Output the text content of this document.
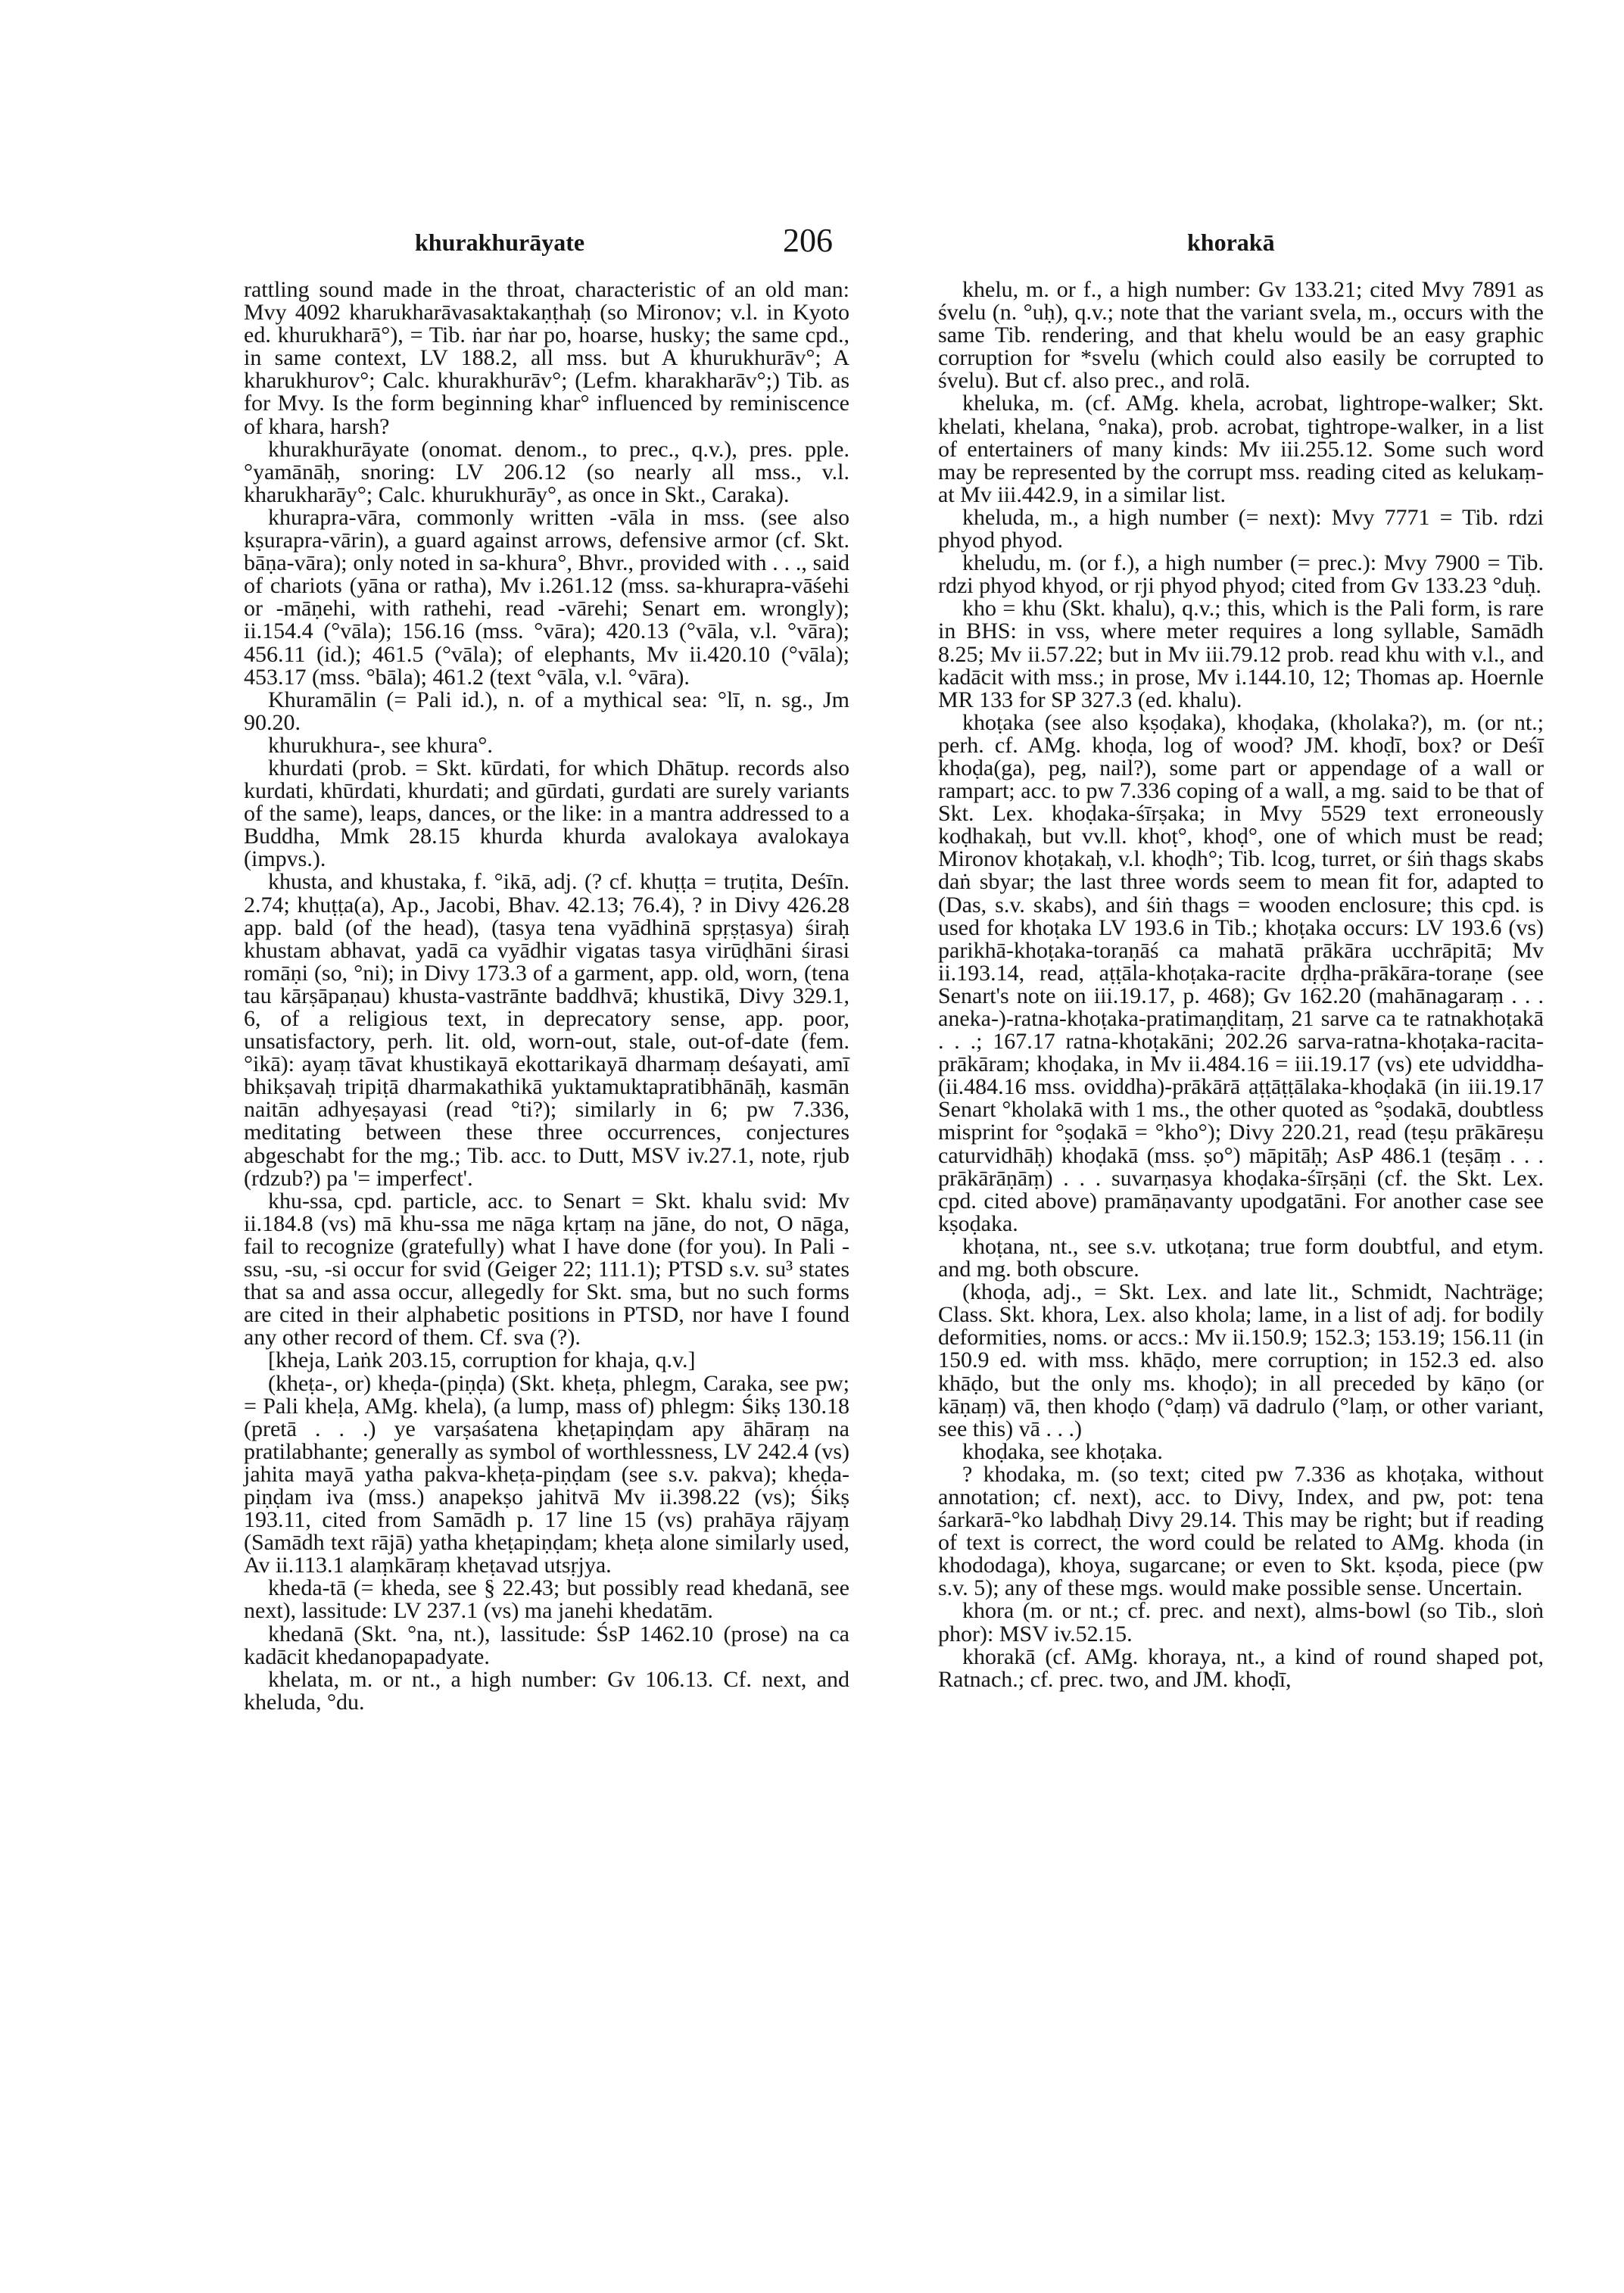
khurakhurāyate	206	khorakā

rattling sound made in the throat, characteristic of an old man: Mvy 4092 kharukharāvasaktakaṇṭhaḥ (so Mironov; v.l. in Kyoto ed. khurukharā°), = Tib. ṅar ṅar po, hoarse, husky; the same cpd., in same context, LV 188.2, all mss. but A khurukhurāv°; A kharukhurov°; Calc. khurakhurāv°; (Lefm. kharakharāv°;) Tib. as for Mvy. Is the form beginning khar° influenced by reminiscence of khara, harsh?

khurakhurāyate (onomat. denom., to prec., q.v.), pres. pple. °yamānāḥ, snoring: LV 206.12 (so nearly all mss., v.l. kharukharāy°; Calc. khurukhurāy°, as once in Skt., Caraka).

khurapra-vāra, commonly written -vāla in mss. (see also kṣurapra-vārin), a guard against arrows, defensive armor (cf. Skt. bāṇa-vāra); only noted in sa-khura°, Bhvr., provided with . . ., said of chariots (yāna or ratha), Mv i.261.12 (mss. sa-khurapra-vāśehi or -māṇehi, with rathehi, read -vārehi; Senart em. wrongly); ii.154.4 (°vāla); 156.16 (mss. °vāra); 420.13 (°vāla, v.l. °vāra); 456.11 (id.); 461.5 (°vāla); of elephants, Mv ii.420.10 (°vāla); 453.17 (mss. °bāla); 461.2 (text °vāla, v.l. °vāra).

Khuramālin (= Pali id.), n. of a mythical sea: °lī, n. sg., Jm 90.20.

khurukhura-, see khura°.

khurdati (prob. = Skt. kūrdati, for which Dhātup. records also kurdati, khūrdati, khurdati; and gūrdati, gurdati are surely variants of the same), leaps, dances, or the like: in a mantra addressed to a Buddha, Mmk 28.15 khurda khurda avalokaya avalokaya (impvs.).

khusta, and khustaka, f. °ikā, adj. (? cf. khuṭṭa = truṭita, Deśīn. 2.74; khuṭṭa(a), Ap., Jacobi, Bhav. 42.13; 76.4), ? in Divy 426.28 app. bald (of the head), (tasya tena vyādhinā spṛṣṭasya) śiraḥ khustam abhavat, yadā ca vyādhir vigatas tasya virūḍhāni śirasi romāṇi (so, °ni); in Divy 173.3 of a garment, app. old, worn, (tena tau kārṣāpaṇau) khusta-vastrānte baddhvā; khustikā, Divy 329.1, 6, of a religious text, in deprecatory sense, app. poor, unsatisfactory, perh. lit. old, worn-out, stale, out-of-date (fem. °ikā): ayaṃ tāvat khustikayā ekottarikayā dharmaṃ deśayati, amī bhikṣavaḥ tripiṭā dharmakathikā yuktamuktapratibhānāḥ, kasmān naitān adhyeṣayasi (read °ti?); similarly in 6; pw 7.336, meditating between these three occurrences, conjectures abgeschabt for the mg.; Tib. acc. to Dutt, MSV iv.27.1, note, rjub (rdzub?) pa '= imperfect'.

khu-ssa, cpd. particle, acc. to Senart = Skt. khalu svid: Mv ii.184.8 (vs) mā khu-ssa me nāga kṛtaṃ na jāne, do not, O nāga, fail to recognize (gratefully) what I have done (for you). In Pali -ssu, -su, -si occur for svid (Geiger 22; 111.1); PTSD s.v. su³ states that sa and assa occur, allegedly for Skt. sma, but no such forms are cited in their alphabetic positions in PTSD, nor have I found any other record of them. Cf. sva (?).

[kheja, Laṅk 203.15, corruption for khaja, q.v.]

(kheṭa-, or) kheḍa-(piṇḍa) (Skt. kheṭa, phlegm, Caraka, see pw; = Pali kheḷa, AMg. khela), (a lump, mass of) phlegm: Śikṣ 130.18 (pretā . . .) ye varṣaśatena kheṭapiṇḍam apy āhāraṃ na pratilabhante; generally as symbol of worthlessness, LV 242.4 (vs) jahita mayā yatha pakva-kheṭa-piṇḍam (see s.v. pakva); kheḍa-piṇḍam iva (mss.) anapekṣo jahitvā Mv ii.398.22 (vs); Śikṣ 193.11, cited from Samādh p. 17 line 15 (vs) prahāya rājyaṃ (Samādh text rājā) yatha kheṭapiṇḍam; kheṭa alone similarly used, Av ii.113.1 alaṃkāraṃ kheṭavad utsṛjya.

kheda-tā (= kheda, see § 22.43; but possibly read khedanā, see next), lassitude: LV 237.1 (vs) ma janehi khedatām.

khedanā (Skt. °na, nt.), lassitude: ŚsP 1462.10 (prose) na ca kadācit khedanopapadyate.

khelata, m. or nt., a high number: Gv 106.13. Cf. next, and kheluda, °du.

khelu, m. or f., a high number: Gv 133.21; cited Mvy 7891 as śvelu (n. °uḥ), q.v.; note that the variant svela, m., occurs with the same Tib. rendering, and that khelu would be an easy graphic corruption for *svelu (which could also easily be corrupted to śvelu). But cf. also prec., and rolā.

kheluka, m. (cf. AMg. khela, acrobat, lightrope-walker; Skt. khelati, khelana, °naka), prob. acrobat, tightrope-walker, in a list of entertainers of many kinds: Mv iii.255.12. Some such word may be represented by the corrupt mss. reading cited as kelukaṃ- at Mv iii.442.9, in a similar list.

kheluda, m., a high number (= next): Mvy 7771 = Tib. rdzi phyod phyod.

kheludu, m. (or f.), a high number (= prec.): Mvy 7900 = Tib. rdzi phyod khyod, or rji phyod phyod; cited from Gv 133.23 °duḥ.

kho = khu (Skt. khalu), q.v.; this, which is the Pali form, is rare in BHS: in vss, where meter requires a long syllable, Samādh 8.25; Mv ii.57.22; but in Mv iii.79.12 prob. read khu with v.l., and kadācit with mss.; in prose, Mv i.144.10, 12; Thomas ap. Hoernle MR 133 for SP 327.3 (ed. khalu).

khoṭaka (see also kṣoḍaka), khoḍaka, (kholaka?), m. (or nt.; perh. cf. AMg. khoḍa, log of wood? JM. khoḍī, box? or Deśī khoḍa(ga), peg, nail?), some part or appendage of a wall or rampart; acc. to pw 7.336 coping of a wall, a mg. said to be that of Skt. Lex. khoḍaka-śīrṣaka; in Mvy 5529 text erroneously koḍhakaḥ, but vv.ll. khoṭ°, khoḍ°, one of which must be read; Mironov khoṭakaḥ, v.l. khoḍh°; Tib. lcog, turret, or śiṅ thags skabs daṅ sbyar; the last three words seem to mean fit for, adapted to (Das, s.v. skabs), and śiṅ thags = wooden enclosure; this cpd. is used for khoṭaka LV 193.6 in Tib.; khoṭaka occurs: LV 193.6 (vs) parikhā-khoṭaka-toraṇāś ca mahatā prākāra ucchrāpitā; Mv ii.193.14, read, aṭṭāla-khoṭaka-racite dṛḍha-prākāra-toraṇe (see Senart's note on iii.19.17, p. 468); Gv 162.20 (mahānagaraṃ . . . aneka-)-ratna-khoṭaka-pratimaṇḍitaṃ, 21 sarve ca te ratnakhoṭakā . . .; 167.17 ratna-khoṭakāni; 202.26 sarva-ratna-khoṭaka-racita-prākāram; khoḍaka, in Mv ii.484.16 = iii.19.17 (vs) ete udviddha- (ii.484.16 mss. oviddha)-prākārā aṭṭāṭṭālaka-khoḍakā (in iii.19.17 Senart °kholakā with 1 ms., the other quoted as °ṣodakā, doubtless misprint for °ṣoḍakā = °kho°); Divy 220.21, read (teṣu prākāreṣu caturvidhāḥ) khoḍakā (mss. ṣo°) māpitāḥ; AsP 486.1 (teṣāṃ . . . prākārāṇāṃ) . . . suvarṇasya khoḍaka-śīrṣāṇi (cf. the Skt. Lex. cpd. cited above) pramāṇavanty upodgatāni. For another case see kṣoḍaka.

khoṭana, nt., see s.v. utkoṭana; true form doubtful, and etym. and mg. both obscure.

(khoḍa, adj., = Skt. Lex. and late lit., Schmidt, Nachträge; Class. Skt. khora, Lex. also khola; lame, in a list of adj. for bodily deformities, noms. or accs.: Mv ii.150.9; 152.3; 153.19; 156.11 (in 150.9 ed. with mss. khāḍo, mere corruption; in 152.3 ed. also khāḍo, but the only ms. khoḍo); in all preceded by kāṇo (or kāṇaṃ) vā, then khoḍo (°ḍaṃ) vā dadrulo (°laṃ, or other variant, see this) vā . . .)

khoḍaka, see khoṭaka.

? khodaka, m. (so text; cited pw 7.336 as khoṭaka, without annotation; cf. next), acc. to Divy, Index, and pw, pot: tena śarkarā-°ko labdhaḥ Divy 29.14. This may be right; but if reading of text is correct, the word could be related to AMg. khoda (in khododaga), khoya, sugarcane; or even to Skt. kṣoda, piece (pw s.v. 5); any of these mgs. would make possible sense. Uncertain.

khora (m. or nt.; cf. prec. and next), alms-bowl (so Tib., sloṅ phor): MSV iv.52.15.

khorakā (cf. AMg. khoraya, nt., a kind of round shaped pot, Ratnach.; cf. prec. two, and JM. khoḍī,
